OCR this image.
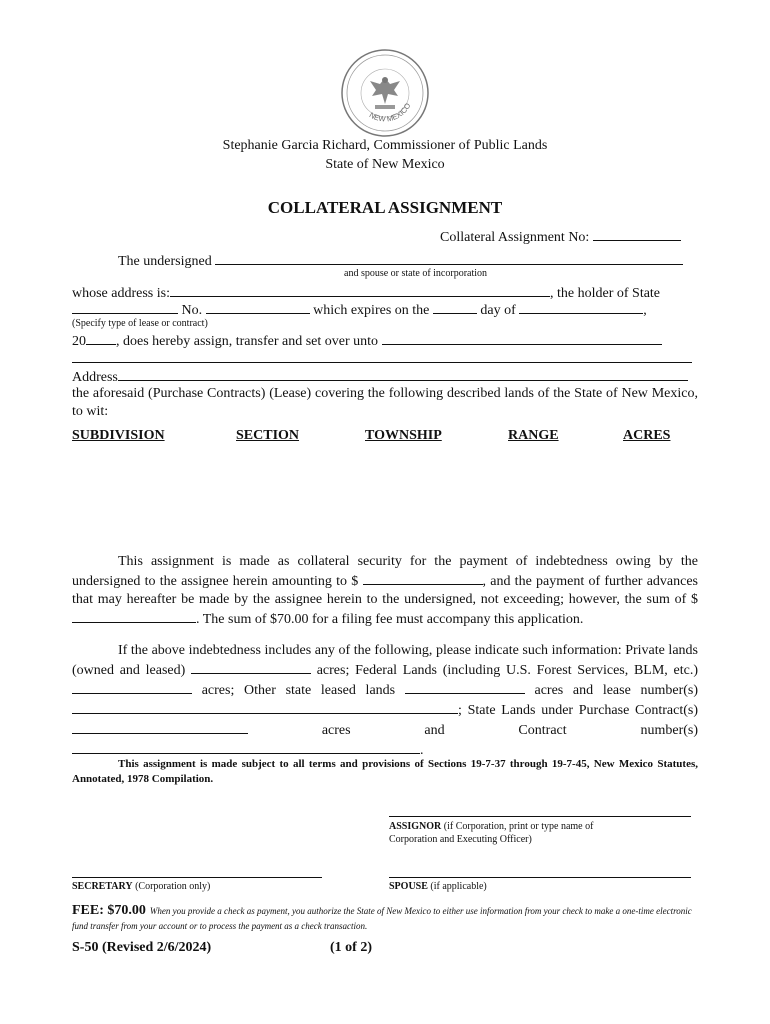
NEW MEXICO
Stephanie Garcia Richard, Commissioner of Public Lands
State of New Mexico
COLLATERAL ASSIGNMENT
Collateral Assignment No:
The undersigned
and spouse or state of incorporation
whose address is:	, the holder of State
No.	which expires on the	day of	,
(Specify type of lease or contract)
20 , does hereby assign, transfer and set over unto
Address
the aforesaid (Purchase Contracts) (Lease) covering the following described lands of the State of New Mexico, to wit:
SUBDIVISION	SECTION	TOWNSHIP	RANGE	ACRES
This assignment is made as collateral security for the payment of indebtedness owing by the undersigned to the assignee herein amounting to $	, and the payment of further advances that may hereafter be made by the assignee herein to the undersigned, not exceeding; however, the sum of $ . The sum of $70.00 for a filing fee must accompany this application.
If the above indebtedness includes any of the following, please indicate such information: Private lands (owned and leased)	acres; Federal Lands (including U.S. Forest Services, BLM, etc.)  acres; Other state leased lands	acres and lease number(s) ; State Lands under Purchase Contract(s)  acres and Contract number(s) .
This assignment is made subject to all terms and provisions of Sections 19-7-37 through 19-7-45, New Mexico Statutes, Annotated, 1978 Compilation.
ASSIGNOR (if Corporation, print or type name of Corporation and Executing Officer)
SECRETARY (Corporation only)	SPOUSE (if applicable)
FEE: $70.00 When you provide a check as payment, you authorize the State of New Mexico to either use information from your check to make a one-time electronic fund transfer from your account or to process the payment as a check transaction.
S-50 (Revised 2/6/2024)	(1 of 2)
